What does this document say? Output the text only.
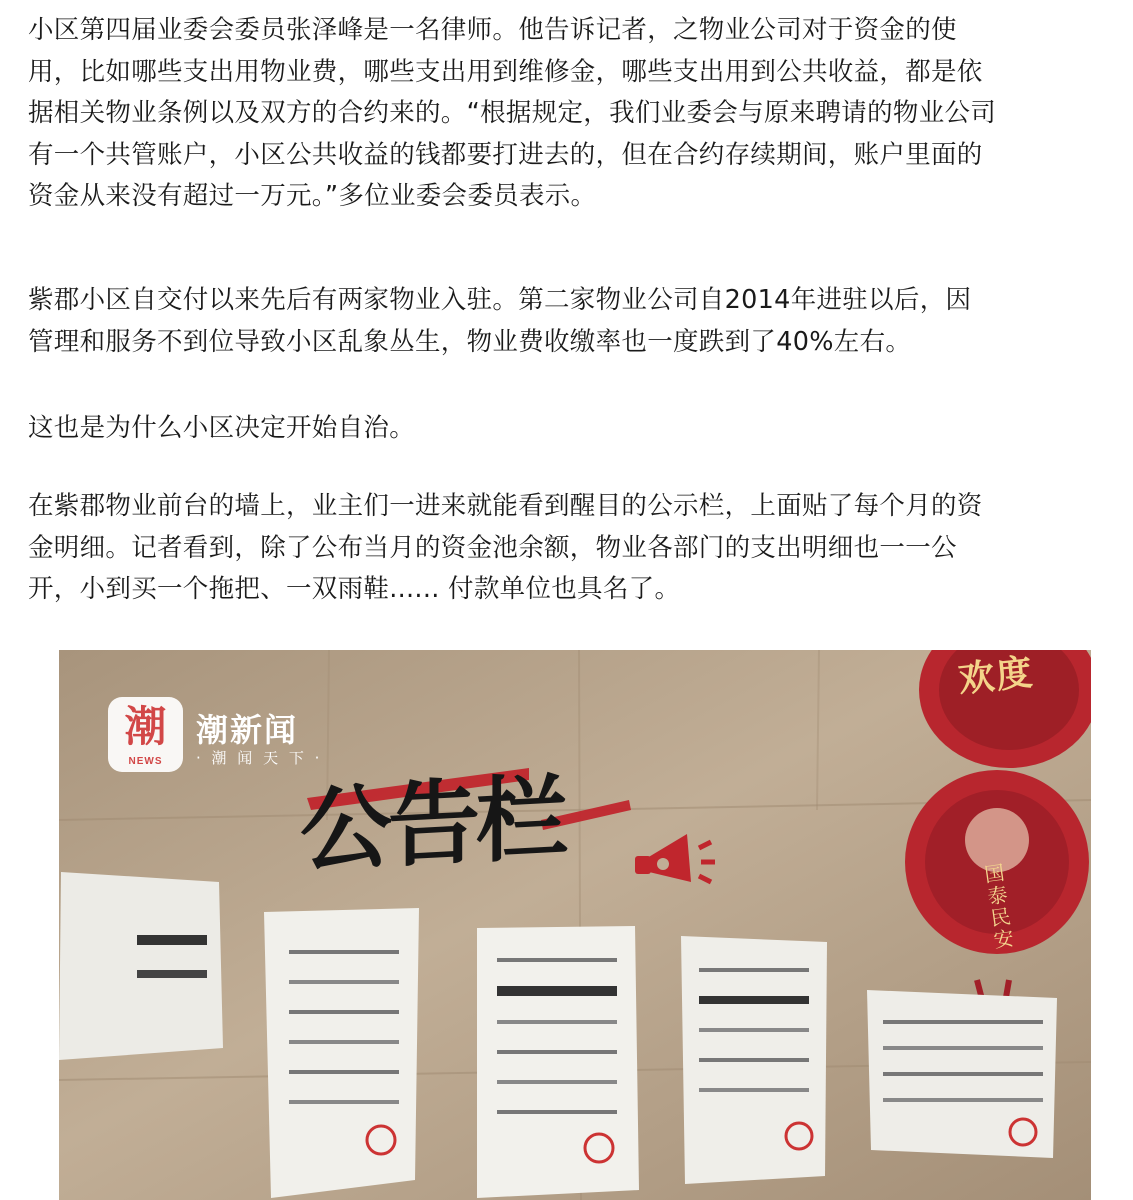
小区第四届业委会委员张泽峰是一名律师。他告诉记者，之物业公司对于资金的使
用，比如哪些支出用物业费，哪些支出用到维修金，哪些支出用到公共收益，都是依
据相关物业条例以及双方的合约来的。“根据规定，我们业委会与原来聘请的物业公司
有一个共管账户，小区公共收益的钱都要打进去的，但在合约存续期间，账户里面的
资金从来没有超过一万元。”多位业委会委员表示。
紫郡小区自交付以来先后有两家物业入驻。第二家物业公司自2014年进驻以后，因
管理和服务不到位导致小区乱象丛生，物业费收缴率也一度跌到了40%左右。
这也是为什么小区决定开始自治。
在紫郡物业前台的墙上，业主们一进来就能看到醒目的公示栏，上面贴了每个月的资
金明细。记者看到，除了公布当月的资金池余额，物业各部门的支出明细也一一公
开，小到买一个拖把、一双雨鞋...... 付款单位也具名了。
潮
NEWS
潮新闻
· 潮 闻 天 下 ·
公告栏
欢度
国泰民安
